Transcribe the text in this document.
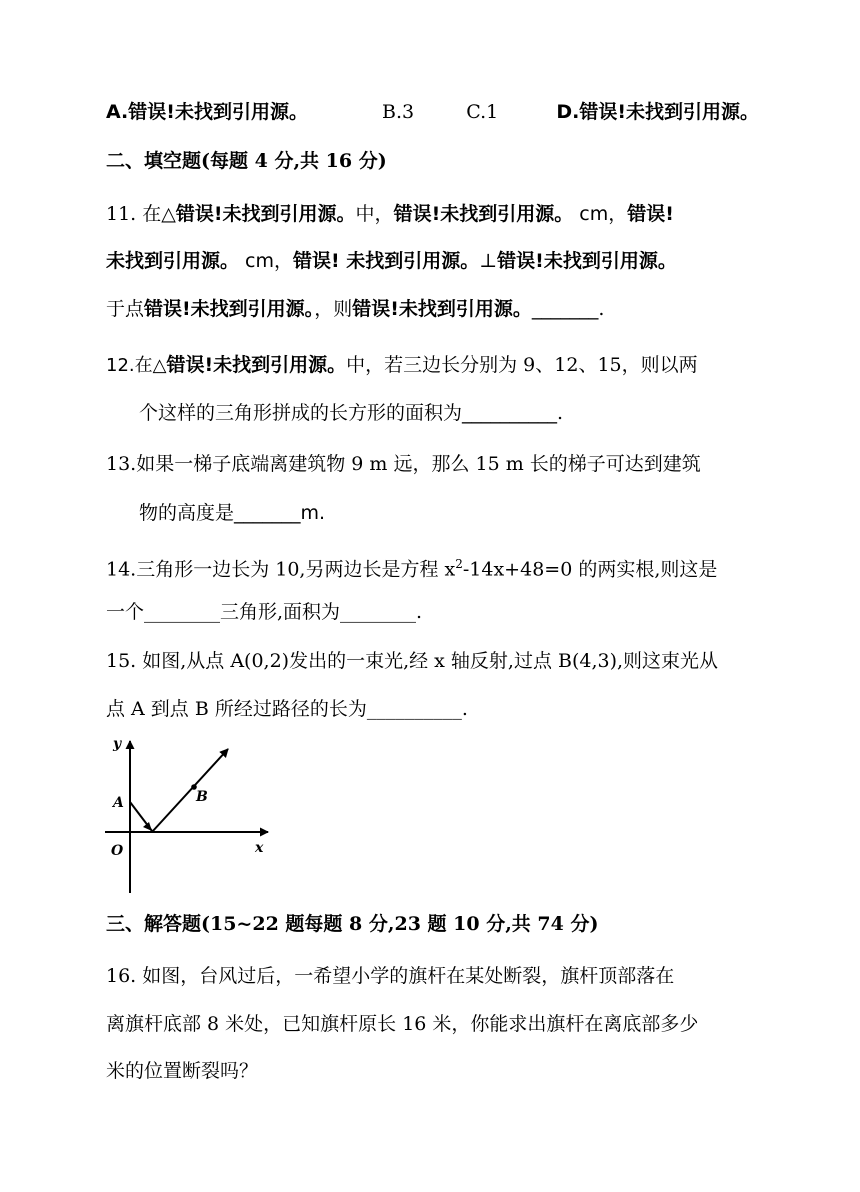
A.错误!未找到引用源。	B.3	C.1	D.错误!未找到引用源。
二、填空题(每题 4 分,共 16 分)
11. 在△错误!未找到引用源。中，错误!未找到引用源。 cm，错误!
未找到引用源。 cm，错误! 未找到引用源。⊥错误!未找到引用源。
于点错误!未找到引用源。，则错误!未找到引用源。_______.
12.在△错误!未找到引用源。中，若三边长分别为 9、12、15，则以两
个这样的三角形拼成的长方形的面积为__________.
13.如果一梯子底端离建筑物 9 m 远，那么 15 m 长的梯子可达到建筑
物的高度是_______m.
14.三角形一边长为 10,另两边长是方程 $x^2-14x+48=0$ 的两实根,则这是
一个________三角形,面积为________.
15. 如图,从点 A(0,2)发出的一束光,经 x 轴反射,过点 B(4,3),则这束光从
点 A 到点 B 所经过路径的长为__________.
y
x
O
A	B
三、解答题(15~22 题每题 8 分,23 题 10 分,共 74 分)
16. 如图，台风过后，一希望小学的旗杆在某处断裂，旗杆顶部落在
离旗杆底部 8 米处，已知旗杆原长 16 米，你能求出旗杆在离底部多少
米的位置断裂吗？
